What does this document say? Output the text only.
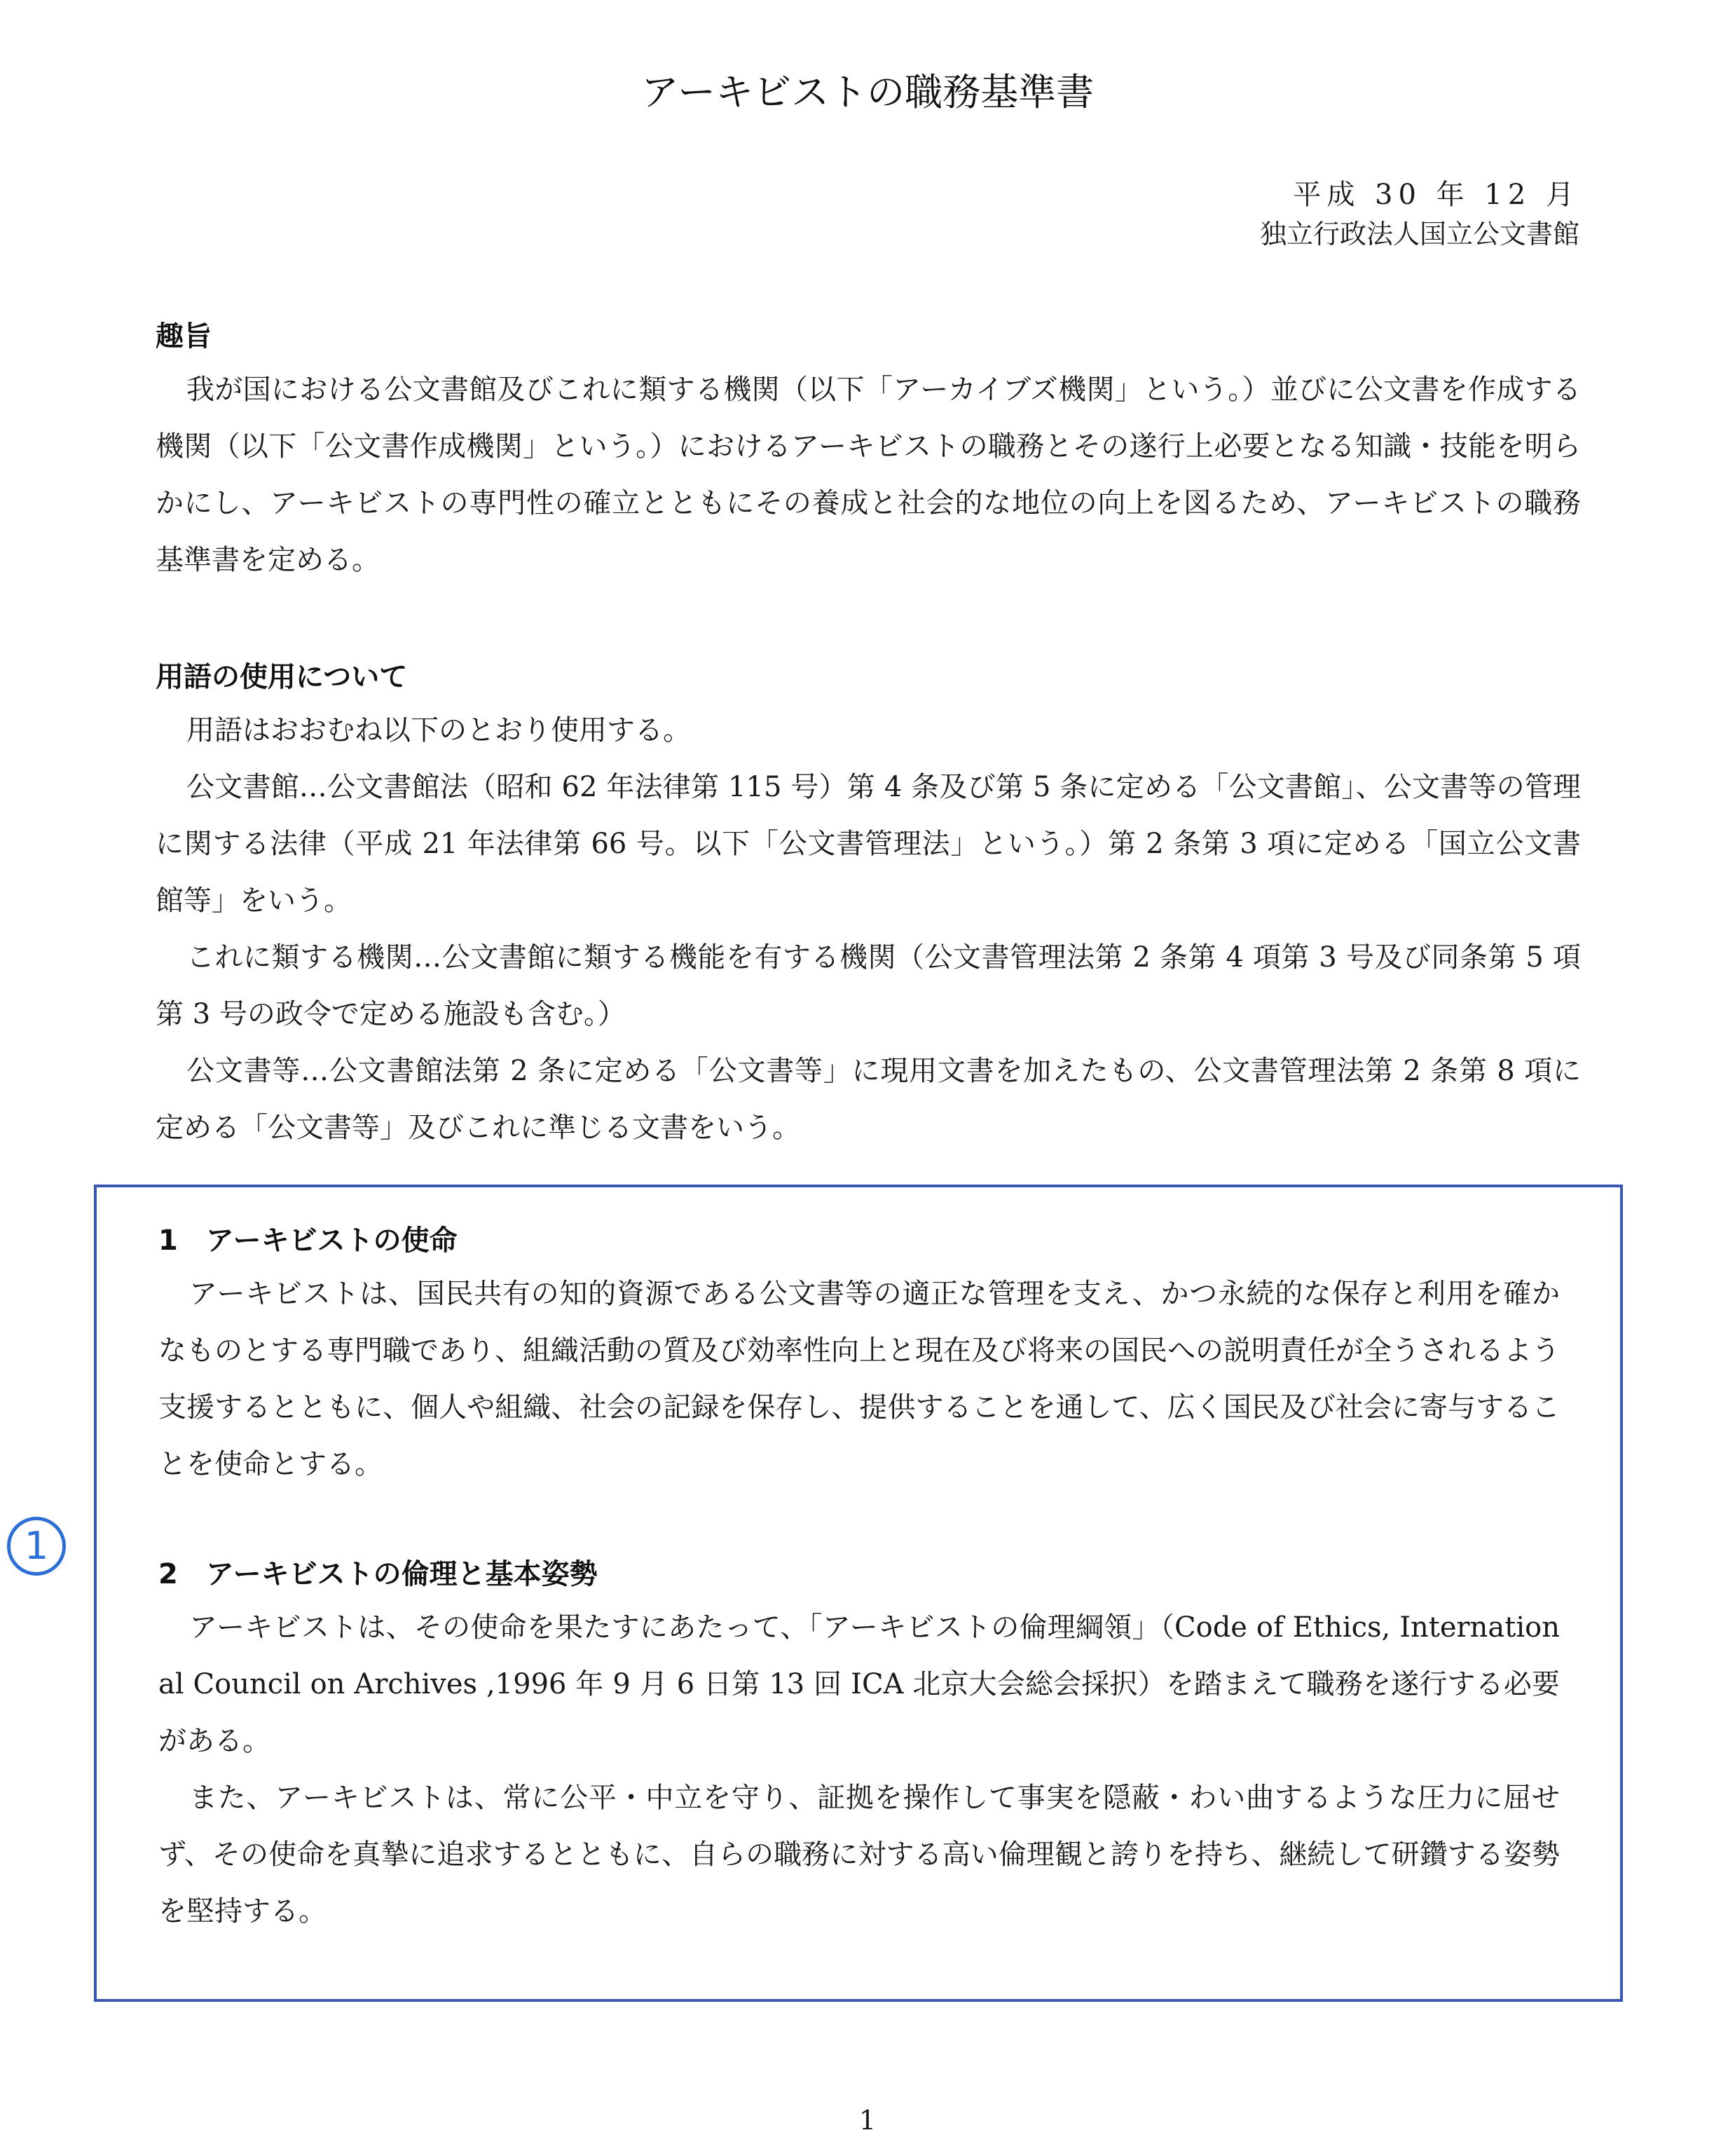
アーキビストの職務基準書
平成 30 年 12 月
独立行政法人国立公文書館
趣旨

我が国における公文書館及びこれに類する機関（以下「アーカイブズ機関」という。）並びに公文書を作成する機関（以下「公文書作成機関」という。）におけるアーキビストの職務とその遂行上必要となる知識・技能を明らかにし、アーキビストの専門性の確立とともにその養成と社会的な地位の向上を図るため、アーキビストの職務基準書を定める。

用語の使用について

用語はおおむね以下のとおり使用する。

公文書館…公文書館法（昭和 62 年法律第 115 号）第 4 条及び第 5 条に定める「公文書館」、公文書等の管理に関する法律（平成 21 年法律第 66 号。以下「公文書管理法」という。）第 2 条第 3 項に定める「国立公文書館等」をいう。

これに類する機関…公文書館に類する機能を有する機関（公文書管理法第 2 条第 4 項第 3 号及び同条第 5 項第 3 号の政令で定める施設も含む。）

公文書等…公文書館法第 2 条に定める「公文書等」に現用文書を加えたもの、公文書管理法第 2 条第 8 項に定める「公文書等」及びこれに準じる文書をいう。

1
1　アーキビストの使命

アーキビストは、国民共有の知的資源である公文書等の適正な管理を支え、かつ永続的な保存と利用を確かなものとする専門職であり、組織活動の質及び効率性向上と現在及び将来の国民への説明責任が全うされるよう支援するとともに、個人や組織、社会の記録を保存し、提供することを通して、広く国民及び社会に寄与することを使命とする。

2　アーキビストの倫理と基本姿勢

アーキビストは、その使命を果たすにあたって、「アーキビストの倫理綱領」（Code of Ethics, International Council on Archives ,1996 年 9 月 6 日第 13 回 ICA 北京大会総会採択）を踏まえて職務を遂行する必要がある。

また、アーキビストは、常に公平・中立を守り、証拠を操作して事実を隠蔽・わい曲するような圧力に屈せず、その使命を真摯に追求するとともに、自らの職務に対する高い倫理観と誇りを持ち、継続して研鑽する姿勢を堅持する。

1
